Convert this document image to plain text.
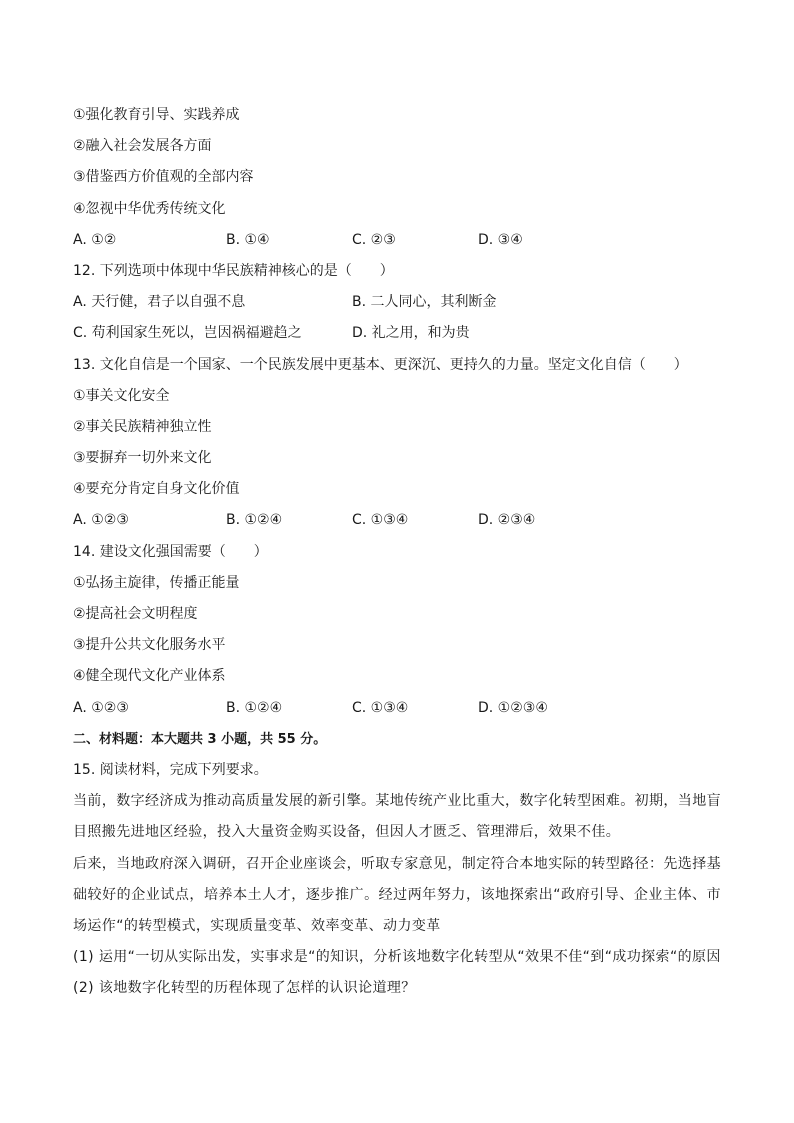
①强化教育引导、实践养成
②融入社会发展各方面
③借鉴西方价值观的全部内容
④忽视中华优秀传统文化
A. ①②	B. ①④	C. ②③	D. ③④
12. 下列选项中体现中华民族精神核心的是（　　）
A. 天行健，君子以自强不息	B. 二人同心，其利断金
C. 苟利国家生死以，岂因祸福避趋之	D. 礼之用，和为贵
13. 文化自信是一个国家、一个民族发展中更基本、更深沉、更持久的力量。坚定文化自信（　　）
①事关文化安全
②事关民族精神独立性
③要摒弃一切外来文化
④要充分肯定自身文化价值
A. ①②③	B. ①②④	C. ①③④	D. ②③④
14. 建设文化强国需要（　　）
①弘扬主旋律，传播正能量
②提高社会文明程度
③提升公共文化服务水平
④健全现代文化产业体系
A. ①②③	B. ①②④	C. ①③④	D. ①②③④
二、材料题：本大题共 3 小题，共 55 分。
15. 阅读材料，完成下列要求。
当前，数字经济成为推动高质量发展的新引擎。某地传统产业比重大，数字化转型困难。初期，当地盲目照搬先进地区经验，投入大量资金购买设备，但因人才匮乏、管理滞后，效果不佳。
后来，当地政府深入调研，召开企业座谈会，听取专家意见，制定符合本地实际的转型路径：先选择基础较好的企业试点，培养本土人才，逐步推广。经过两年努力，该地探索出“政府引导、企业主体、市场运作“的转型模式，实现质量变革、效率变革、动力变革
(1) 运用“一切从实际出发，实事求是“的知识，分析该地数字化转型从“效果不佳“到“成功探索“的原因
(2) 该地数字化转型的历程体现了怎样的认识论道理？
